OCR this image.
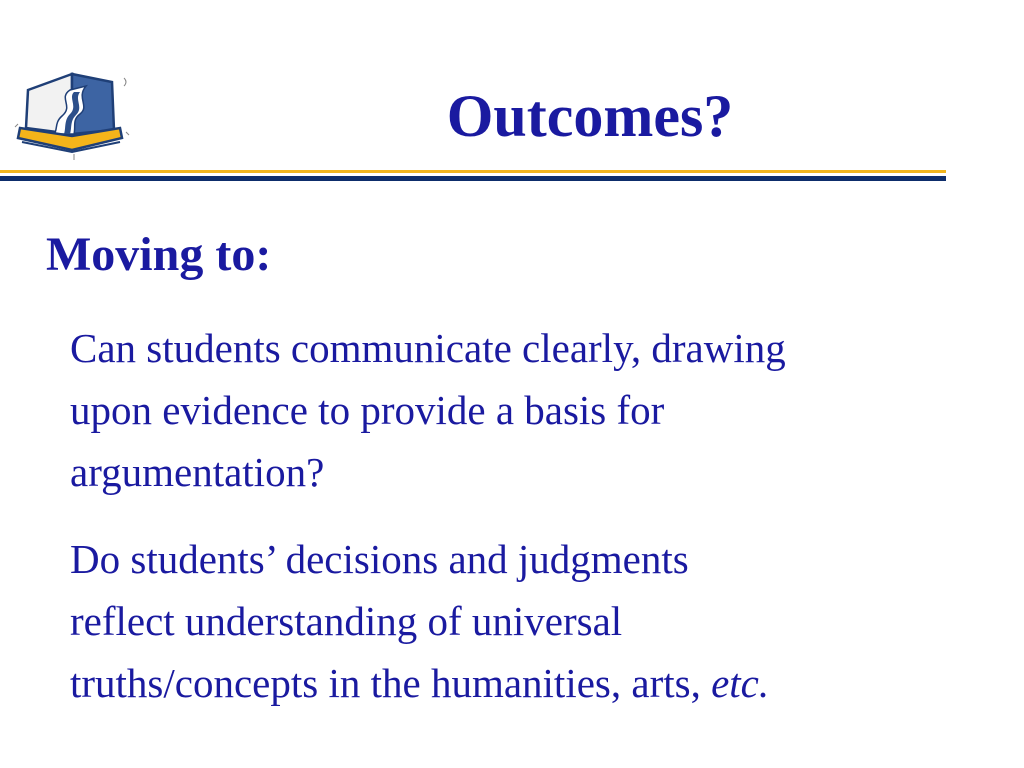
Outcomes?
Moving to:

Can students communicate clearly, drawing
upon evidence to provide a basis for
argumentation?

Do students’ decisions and judgments
reflect understanding of universal
truths/concepts in the humanities, arts, etc.
